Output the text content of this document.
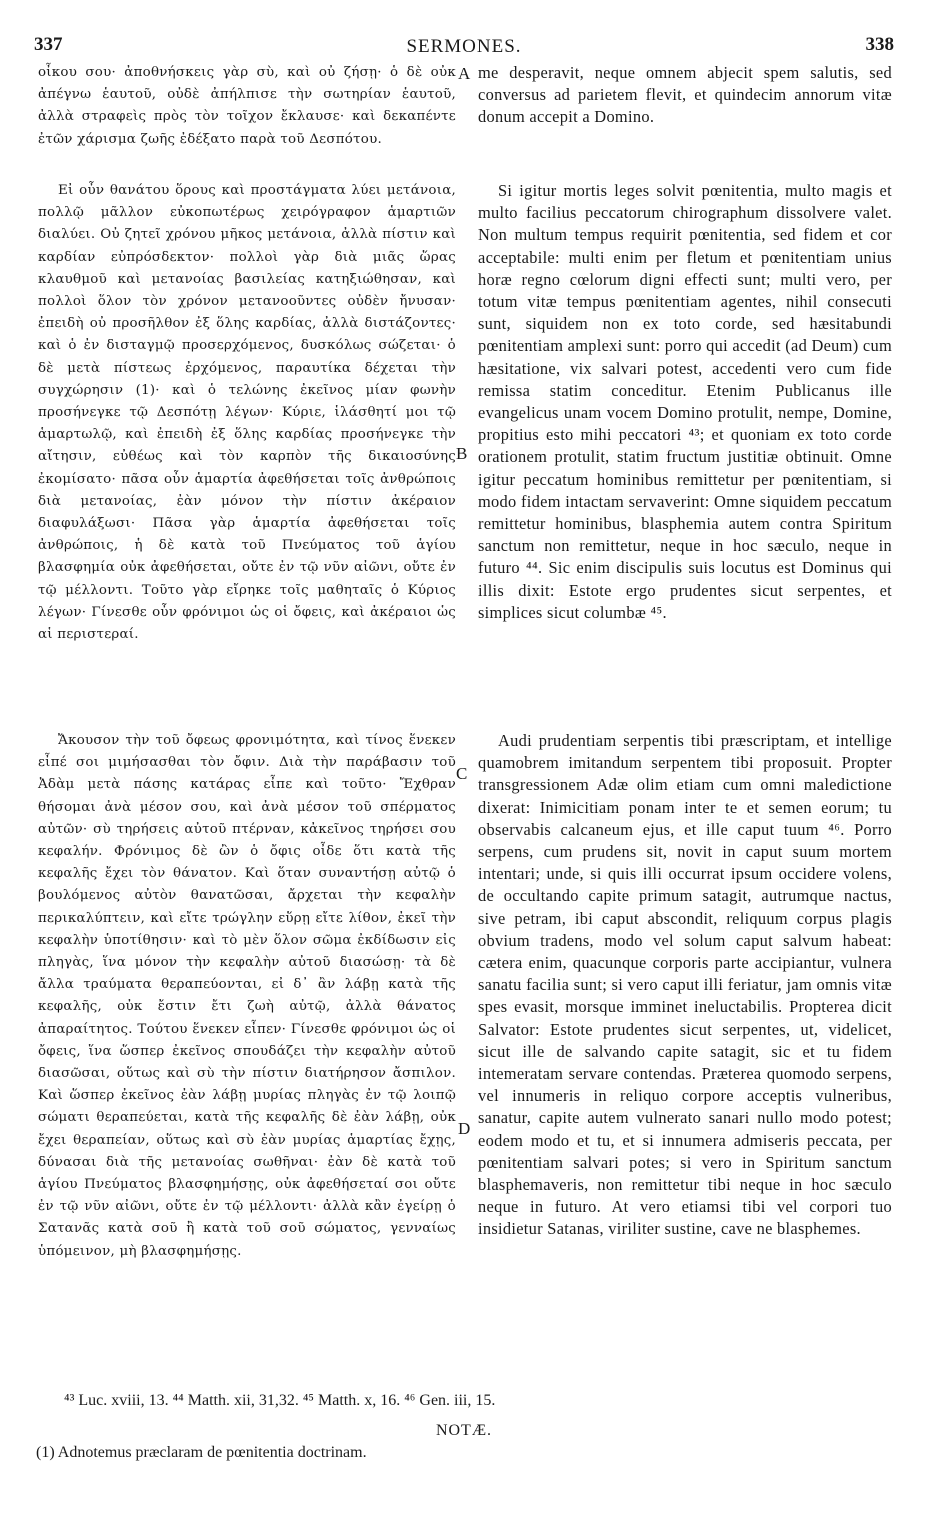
337	SERMONES.	338

οἶκου σου· ἀποθνήσκεις γὰρ σὺ, καὶ οὐ ζήσῃ· ὁ δὲ οὐκ ἀπέγνω ἑαυτοῦ, οὐδὲ ἀπήλπισε τὴν σωτηρίαν ἑαυτοῦ, ἀλλὰ στραφεὶς πρὸς τὸν τοῖχον ἔκλαυσε· καὶ δεκαπέντε ἐτῶν χάρισμα ζωῆς ἐδέξατο παρὰ τοῦ Δεσπότου.

Εἰ οὖν θανάτου ὅρους καὶ προστάγματα λύει μετάνοια, πολλῷ μᾶλλον εὐκοπωτέρως χειρόγραφον ἁμαρτιῶν διαλύει. Οὐ ζητεῖ χρόνου μῆκος μετάνοια, ἀλλὰ πίστιν καὶ καρδίαν εὐπρόσδεκτον· πολλοὶ γὰρ διὰ μιᾶς ὥρας κλαυθμοῦ καὶ μετανοίας βασιλείας κατηξιώθησαν, καὶ πολλοὶ ὅλον τὸν χρόνον μετανοοῦντες οὐδὲν ἤνυσαν· ἐπειδὴ οὐ προσῆλθον ἐξ ὅλης καρδίας, ἀλλὰ διστάζοντες· καὶ ὁ ἐν δισταγμῷ προσερχόμενος, δυσκόλως σώζεται· ὁ δὲ μετὰ πίστεως ἐρχόμενος, παραυτίκα δέχεται τὴν συγχώρησιν (1)· καὶ ὁ τελώνης ἐκεῖνος μίαν φωνὴν προσήνεγκε τῷ Δεσπότῃ λέγων· Κύριε, ἱλάσθητί μοι τῷ ἁμαρτωλῷ, καὶ ἐπειδὴ ἐξ ὅλης καρδίας προσήνεγκε τὴν αἴτησιν, εὐθέως καὶ τὸν καρπὸν τῆς δικαιοσύνης ἐκομίσατο· πᾶσα οὖν ἁμαρτία ἀφεθήσεται τοῖς ἀνθρώποις διὰ μετανοίας, ἐὰν μόνον τὴν πίστιν ἀκέραιον διαφυλάξωσι· Πᾶσα γὰρ ἁμαρτία ἀφεθήσεται τοῖς ἀνθρώποις, ἡ δὲ κατὰ τοῦ Πνεύματος τοῦ ἁγίου βλασφημία οὐκ ἀφεθήσεται, οὔτε ἐν τῷ νῦν αἰῶνι, οὔτε ἐν τῷ μέλλοντι. Τοῦτο γὰρ εἴρηκε τοῖς μαθηταῖς ὁ Κύριος λέγων· Γίνεσθε οὖν φρόνιμοι ὡς οἱ ὄφεις, καὶ ἀκέραιοι ὡς αἱ περιστεραί.

Ἄκουσον τὴν τοῦ ὄφεως φρονιμότητα, καὶ τίνος ἕνεκεν εἶπέ σοι μιμήσασθαι τὸν ὄφιν. Διὰ τὴν παράβασιν τοῦ Ἀδὰμ μετὰ πάσης κατάρας εἶπε καὶ τοῦτο· Ἔχθραν θήσομαι ἀνὰ μέσον σου, καὶ ἀνὰ μέσον τοῦ σπέρματος αὐτῶν· σὺ τηρήσεις αὐτοῦ πτέρναν, κἀκεῖνος τηρήσει σου κεφαλήν. Φρόνιμος δὲ ὢν ὁ ὄφις οἶδε ὅτι κατὰ τῆς κεφαλῆς ἔχει τὸν θάνατον. Καὶ ὅταν συναντήσῃ αὐτῷ ὁ βουλόμενος αὐτὸν θανατῶσαι, ἄρχεται τὴν κεφαλὴν περικαλύπτειν, καὶ εἴτε τρώγλην εὕρῃ εἴτε λίθον, ἐκεῖ τὴν κεφαλὴν ὑποτίθησιν· καὶ τὸ μὲν ὅλον σῶμα ἐκδίδωσιν εἰς πληγὰς, ἵνα μόνον τὴν κεφαλὴν αὐτοῦ διασώσῃ· τὰ δὲ ἄλλα τραύματα θεραπεύονται, εἰ δ᾽ ἂν λάβῃ κατὰ τῆς κεφαλῆς, οὐκ ἔστιν ἔτι ζωὴ αὐτῷ, ἀλλὰ θάνατος ἀπαραίτητος. Τούτου ἕνεκεν εἶπεν· Γίνεσθε φρόνιμοι ὡς οἱ ὄφεις, ἵνα ὥσπερ ἐκεῖνος σπουδάζει τὴν κεφαλὴν αὐτοῦ διασῶσαι, οὕτως καὶ σὺ τὴν πίστιν διατήρησον ἄσπιλον. Καὶ ὥσπερ ἐκεῖνος ἐὰν λάβῃ μυρίας πληγὰς ἐν τῷ λοιπῷ σώματι θεραπεύεται, κατὰ τῆς κεφαλῆς δὲ ἐὰν λάβῃ, οὐκ ἔχει θεραπείαν, οὕτως καὶ σὺ ἐὰν μυρίας ἁμαρτίας ἔχῃς, δύνασαι διὰ τῆς μετανοίας σωθῆναι· ἐὰν δὲ κατὰ τοῦ ἁγίου Πνεύματος βλασφημήσῃς, οὐκ ἀφεθήσεταί σοι οὔτε ἐν τῷ νῦν αἰῶνι, οὔτε ἐν τῷ μέλλοντι· ἀλλὰ κἂν ἐγείρῃ ὁ Σατανᾶς κατὰ σοῦ ἢ κατὰ τοῦ σοῦ σώματος, γενναίως ὑπόμεινον, μὴ βλασφημήσῃς.

A
B
C
D

me desperavit, neque omnem abjecit spem salutis, sed conversus ad parietem flevit, et quindecim annorum vitæ donum accepit a Domino.

Si igitur mortis leges solvit pœnitentia, multo magis et multo facilius peccatorum chirographum dissolvere valet. Non multum tempus requirit pœnitentia, sed fidem et cor acceptabile: multi enim per fletum et pœnitentiam unius horæ regno cœlorum digni effecti sunt; multi vero, per totum vitæ tempus pœnitentiam agentes, nihil consecuti sunt, siquidem non ex toto corde, sed hæsitabundi pœnitentiam amplexi sunt: porro qui accedit (ad Deum) cum hæsitatione, vix salvari potest, accedenti vero cum fide remissa statim conceditur. Etenim Publicanus ille evangelicus unam vocem Domino protulit, nempe, Domine, propitius esto mihi peccatori ⁴³; et quoniam ex toto corde orationem protulit, statim fructum justitiæ obtinuit. Omne igitur peccatum hominibus remittetur per pœnitentiam, si modo fidem intactam servaverint: Omne siquidem peccatum remittetur hominibus, blasphemia autem contra Spiritum sanctum non remittetur, neque in hoc sæculo, neque in futuro ⁴⁴. Sic enim discipulis suis locutus est Dominus qui illis dixit: Estote ergo prudentes sicut serpentes, et simplices sicut columbæ ⁴⁵.

Audi prudentiam serpentis tibi præscriptam, et intellige quamobrem imitandum serpentem tibi proposuit. Propter transgressionem Adæ olim etiam cum omni maledictione dixerat: Inimicitiam ponam inter te et semen eorum; tu observabis calcaneum ejus, et ille caput tuum ⁴⁶. Porro serpens, cum prudens sit, novit in caput suum mortem intentari; unde, si quis illi occurrat ipsum occidere volens, de occultando capite primum satagit, autrumque nactus, sive petram, ibi caput abscondit, reliquum corpus plagis obvium tradens, modo vel solum caput salvum habeat: cætera enim, quacunque corporis parte accipiantur, vulnera sanatu facilia sunt; si vero caput illi feriatur, jam omnis vitæ spes evasit, morsque imminet ineluctabilis. Propterea dicit Salvator: Estote prudentes sicut serpentes, ut, videlicet, sicut ille de salvando capite satagit, sic et tu fidem intemeratam servare contendas. Præterea quomodo serpens, vel innumeris in reliquo corpore acceptis vulneribus, sanatur, capite autem vulnerato sanari nullo modo potest; eodem modo et tu, et si innumera admiseris peccata, per pœnitentiam salvari potes; si vero in Spiritum sanctum blasphemaveris, non remittetur tibi neque in hoc sæculo neque in futuro. At vero etiamsi tibi vel corpori tuo insidietur Satanas, viriliter sustine, cave ne blasphemes.

⁴³ Luc. xviii, 13. ⁴⁴ Matth. xii, 31,32. ⁴⁵ Matth. x, 16. ⁴⁶ Gen. iii, 15.
NOTÆ.
(1) Adnotemus præclaram de pœnitentia doctrinam.
